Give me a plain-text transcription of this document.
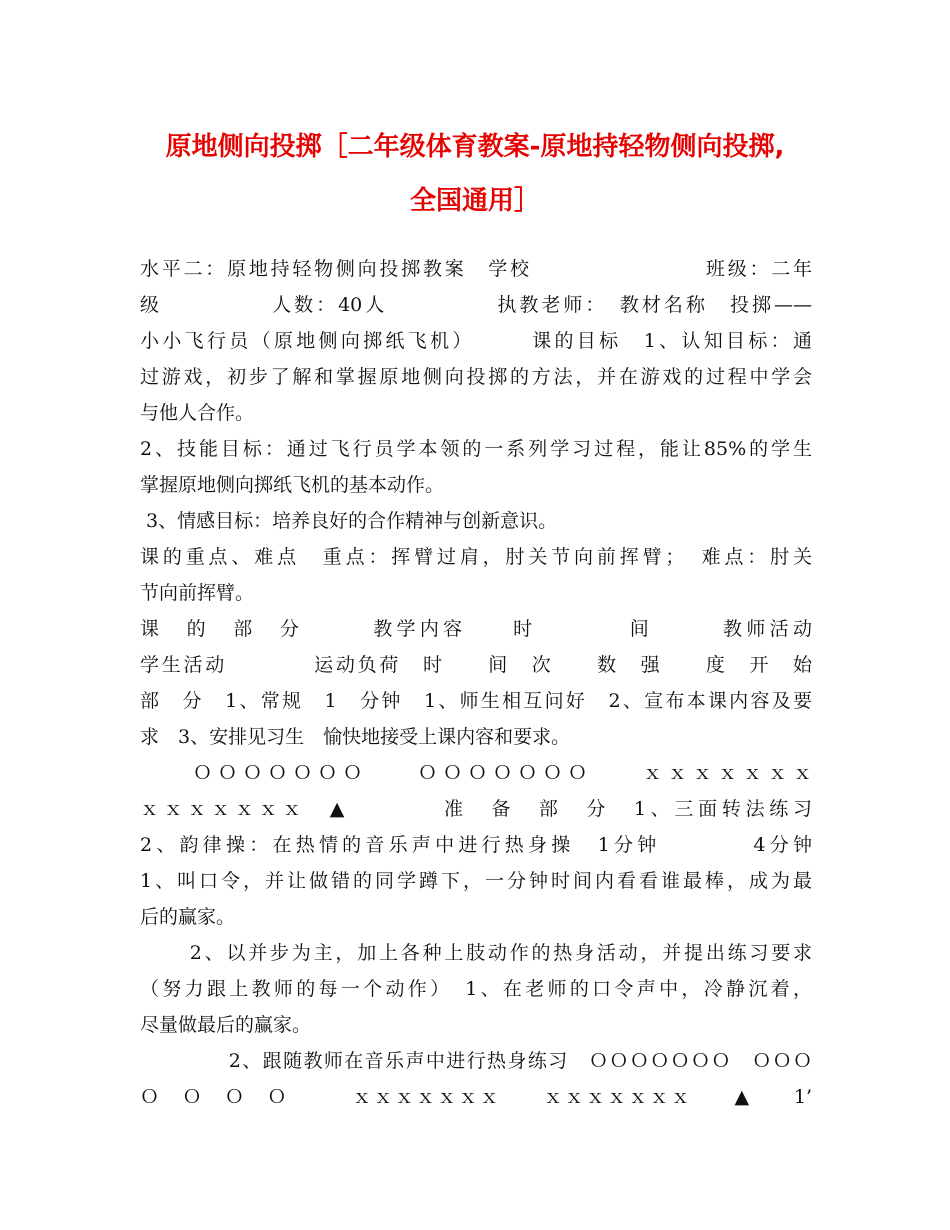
原地侧向投掷［二年级体育教案-原地持轻物侧向投掷,
全国通用］
水平二：原地持轻物侧向投掷教案　学校　　　　　　　　班级：二年
级　　　　　人数：40人　　　　　执教老师：　教材名称　投掷——
小小飞行员（原地侧向掷纸飞机）　　　课的目标　1、认知目标：通
过游戏，初步了解和掌握原地侧向投掷的方法，并在游戏的过程中学会
与他人合作。
2、技能目标：通过飞行员学本领的一系列学习过程，能让85%的学生
掌握原地侧向掷纸飞机的基本动作。
3、情感目标：培养良好的合作精神与创新意识。
课的重点、难点　重点：挥臂过肩，肘关节向前挥臂；　难点：肘关
节向前挥臂。
课　的　部　分　　　教学内容　　时　　　　间　　　教师活动
学生活动　　　　运动负荷　时　　间　次　　数　强　　度　开　始
部　分　1、常规　1　分钟　1、师生相互问好　2、宣布本课内容及要
求　3、安排见习生　愉快地接受上课内容和要求。
　ＯＯＯＯＯＯＯ　　ＯＯＯＯＯＯＯ　　ｘｘｘｘｘｘｘ
ｘｘｘｘｘｘｘ　▲　　　　准　备　部　分　1、三面转法练习
2、韵律操：在热情的音乐声中进行热身操　1分钟　　　　4分钟
1、叫口令，并让做错的同学蹲下，一分钟时间内看看谁最棒，成为最
后的赢家。
　2、以并步为主，加上各种上肢动作的热身活动，并提出练习要求
（努力跟上教师的每一个动作）　1、在老师的口令声中，冷静沉着，
尽量做最后的赢家。
　　2、跟随教师在音乐声中进行热身练习　ＯＯＯＯＯＯＯ　ＯＯＯ
Ｏ　Ｏ　Ｏ　Ｏ　　　ｘｘｘｘｘｘｘ　　ｘｘｘｘｘｘｘ　　▲　　1’
